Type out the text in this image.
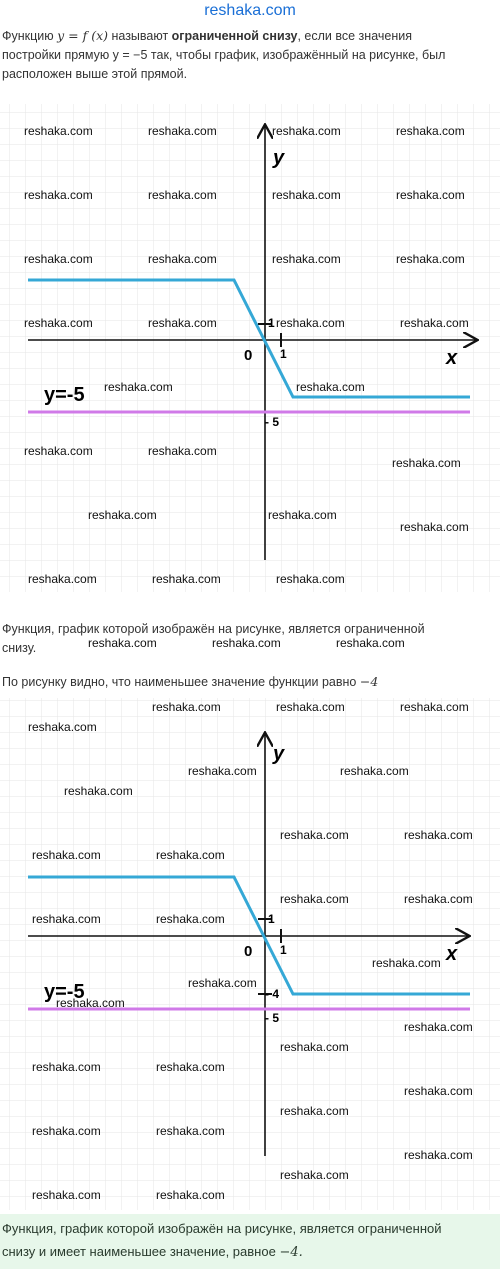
reshaka.com
Функцию y = f (x) называют ограниченной снизу, если все значения
постройки прямую y = −5 так, чтобы график, изображённый на рисунке, был
расположен выше этой прямой.
y
x
0 1
1
- 5
y=-5
reshaka.com	reshaka.com	reshaka.com	reshaka.com
reshaka.com	reshaka.com	reshaka.com	reshaka.com
reshaka.com	reshaka.com	reshaka.com	reshaka.com
reshaka.com	reshaka.com	reshaka.com	reshaka.com
reshaka.com	reshaka.com
reshaka.com	reshaka.com
reshaka.com
reshaka.com	reshaka.com
reshaka.com
reshaka.com	reshaka.com	reshaka.com
Функция, график которой изображён на рисунке, является ограниченной
снизу.	reshaka.com	reshaka.com	reshaka.com
По рисунку видно, что наименьшее значение функции равно −4
y
x
0 1
1
- 4
- 5
y=-5
reshaka.com	reshaka.com	reshaka.com
reshaka.com
reshaka.com	reshaka.com
reshaka.com
reshaka.com	reshaka.com
reshaka.com	reshaka.com
reshaka.com	reshaka.com
reshaka.com	reshaka.com
reshaka.com
reshaka.com
reshaka.com
reshaka.com
reshaka.com
reshaka.com	reshaka.com
reshaka.com
reshaka.com
reshaka.com	reshaka.com
reshaka.com
reshaka.com
reshaka.com	reshaka.com
Функция, график которой изображён на рисунке, является ограниченной
снизу и имеет наименьшее значение, равное −4.
